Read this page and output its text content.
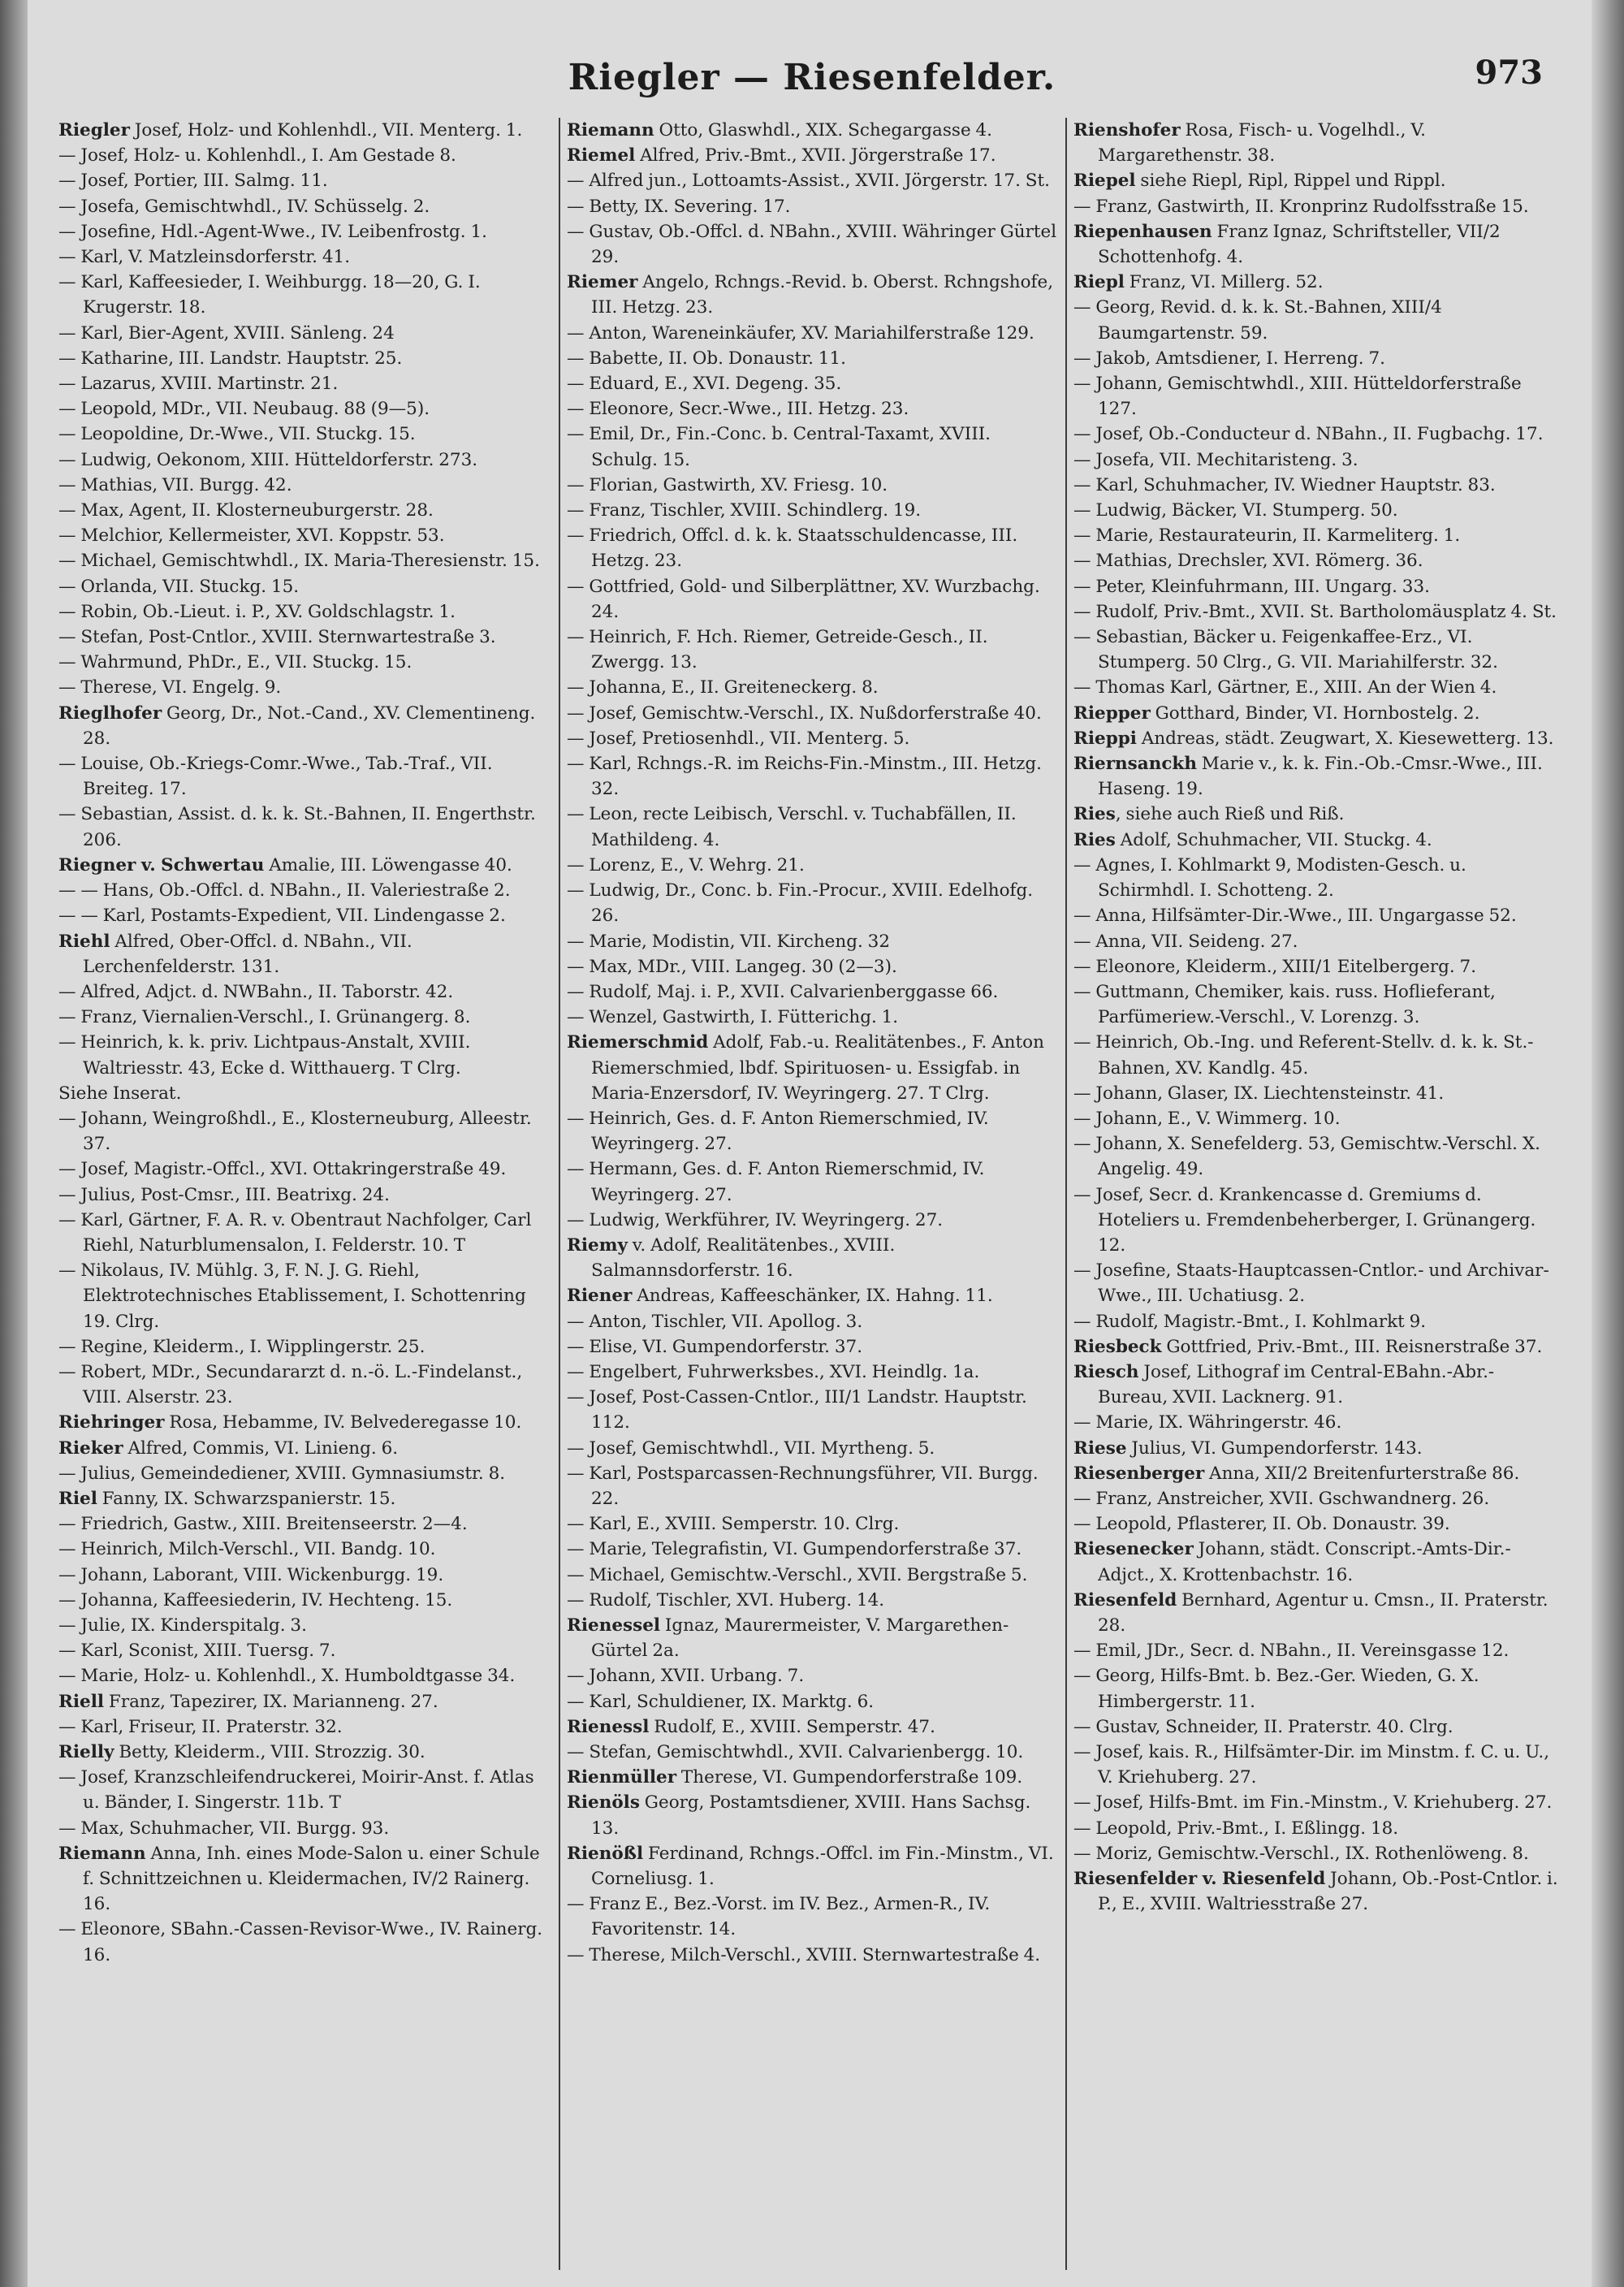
Riegler — Riesenfelder.	973
Riegler Josef, Holz- und Kohlenhdl., VII. Menterg. 1.
— Josef, Holz- u. Kohlenhdl., I. Am Gestade 8.
— Josef, Portier, III. Salmg. 11.
— Josefa, Gemischtwhdl., IV. Schüsselg. 2.
— Josefine, Hdl.-Agent-Wwe., IV. Leibenfrostg. 1.
— Karl, V. Matzleinsdorferstr. 41.
— Karl, Kaffeesieder, I. Weihburgg. 18—20, G. I. Krugerstr. 18.
— Karl, Bier-Agent, XVIII. Sänleng. 24
— Katharine, III. Landstr. Hauptstr. 25.
— Lazarus, XVIII. Martinstr. 21.
— Leopold, MDr., VII. Neubaug. 88 (9—5).
— Leopoldine, Dr.-Wwe., VII. Stuckg. 15.
— Ludwig, Oekonom, XIII. Hütteldorferstr. 273.
— Mathias, VII. Burgg. 42.
— Max, Agent, II. Klosterneuburgerstr. 28.
— Melchior, Kellermeister, XVI. Koppstr. 53.
— Michael, Gemischtwhdl., IX. Maria-Theresienstr. 15.
— Orlanda, VII. Stuckg. 15.
— Robin, Ob.-Lieut. i. P., XV. Goldschlagstr. 1.
— Stefan, Post-Cntlor., XVIII. Sternwartestraße 3.
— Wahrmund, PhDr., E., VII. Stuckg. 15.
— Therese, VI. Engelg. 9.
Rieglhofer Georg, Dr., Not.-Cand., XV. Clementineng. 28.
— Louise, Ob.-Kriegs-Comr.-Wwe., Tab.-Traf., VII. Breiteg. 17.
— Sebastian, Assist. d. k. k. St.-Bahnen, II. Engerthstr. 206.
Riegner v. Schwertau Amalie, III. Löwengasse 40.
— — Hans, Ob.-Offcl. d. NBahn., II. Valeriestraße 2.
— — Karl, Postamts-Expedient, VII. Lindengasse 2.
Riehl Alfred, Ober-Offcl. d. NBahn., VII. Lerchenfelderstr. 131.
— Alfred, Adjct. d. NWBahn., II. Taborstr. 42.
— Franz, Viernalien-Verschl., I. Grünangerg. 8.
— Heinrich, k. k. priv. Lichtpaus-Anstalt, XVIII. Waltriesstr. 43, Ecke d. Witthauerg. T Clrg.
Siehe Inserat.
— Johann, Weingroßhdl., E., Klosterneuburg, Alleestr. 37.
— Josef, Magistr.-Offcl., XVI. Ottakringerstraße 49.
— Julius, Post-Cmsr., III. Beatrixg. 24.
— Karl, Gärtner, F. A. R. v. Obentraut Nachfolger, Carl Riehl, Naturblumensalon, I. Felderstr. 10. T
— Nikolaus, IV. Mühlg. 3, F. N. J. G. Riehl, Elektrotechnisches Etablissement, I. Schottenring 19. Clrg.
— Regine, Kleiderm., I. Wipplingerstr. 25.
— Robert, MDr., Secundararzt d. n.-ö. L.-Findelanst., VIII. Alserstr. 23.
Riehringer Rosa, Hebamme, IV. Belvederegasse 10.
Rieker Alfred, Commis, VI. Linieng. 6.
— Julius, Gemeindediener, XVIII. Gymnasiumstr. 8.
Riel Fanny, IX. Schwarzspanierstr. 15.
— Friedrich, Gastw., XIII. Breitenseerstr. 2—4.
— Heinrich, Milch-Verschl., VII. Bandg. 10.
— Johann, Laborant, VIII. Wickenburgg. 19.
— Johanna, Kaffeesiederin, IV. Hechteng. 15.
— Julie, IX. Kinderspitalg. 3.
— Karl, Sconist, XIII. Tuersg. 7.
— Marie, Holz- u. Kohlenhdl., X. Humboldtgasse 34.
Riell Franz, Tapezirer, IX. Marianneng. 27.
— Karl, Friseur, II. Praterstr. 32.
Rielly Betty, Kleiderm., VIII. Strozzig. 30.
— Josef, Kranzschleifendruckerei, Moirir-Anst. f. Atlas u. Bänder, I. Singerstr. 11b. T
— Max, Schuhmacher, VII. Burgg. 93.
Riemann Anna, Inh. eines Mode-Salon u. einer Schule f. Schnittzeichnen u. Kleidermachen, IV/2 Rainerg. 16.
— Eleonore, SBahn.-Cassen-Revisor-Wwe., IV. Rainerg. 16.
Riemann Otto, Glaswhdl., XIX. Schegargasse 4.
Riemel Alfred, Priv.-Bmt., XVII. Jörgerstraße 17.
— Alfred jun., Lottoamts-Assist., XVII. Jörgerstr. 17. St.
— Betty, IX. Severing. 17.
— Gustav, Ob.-Offcl. d. NBahn., XVIII. Währinger Gürtel 29.
Riemer Angelo, Rchngs.-Revid. b. Oberst. Rchngshofe, III. Hetzg. 23.
— Anton, Wareneinkäufer, XV. Mariahilferstraße 129.
— Babette, II. Ob. Donaustr. 11.
— Eduard, E., XVI. Degeng. 35.
— Eleonore, Secr.-Wwe., III. Hetzg. 23.
— Emil, Dr., Fin.-Conc. b. Central-Taxamt, XVIII. Schulg. 15.
— Florian, Gastwirth, XV. Friesg. 10.
— Franz, Tischler, XVIII. Schindlerg. 19.
— Friedrich, Offcl. d. k. k. Staatsschuldencasse, III. Hetzg. 23.
— Gottfried, Gold- und Silberplättner, XV. Wurzbachg. 24.
— Heinrich, F. Hch. Riemer, Getreide-Gesch., II. Zwergg. 13.
— Johanna, E., II. Greiteneckerg. 8.
— Josef, Gemischtw.-Verschl., IX. Nußdorferstraße 40.
— Josef, Pretiosenhdl., VII. Menterg. 5.
— Karl, Rchngs.-R. im Reichs-Fin.-Minstm., III. Hetzg. 32.
— Leon, recte Leibisch, Verschl. v. Tuchabfällen, II. Mathildeng. 4.
— Lorenz, E., V. Wehrg. 21.
— Ludwig, Dr., Conc. b. Fin.-Procur., XVIII. Edelhofg. 26.
— Marie, Modistin, VII. Kircheng. 32
— Max, MDr., VIII. Langeg. 30 (2—3).
— Rudolf, Maj. i. P., XVII. Calvarienberggasse 66.
— Wenzel, Gastwirth, I. Fütterichg. 1.
Riemerschmid Adolf, Fab.-u. Realitätenbes., F. Anton Riemerschmied, lbdf. Spirituosen- u. Essigfab. in Maria-Enzersdorf, IV. Weyringerg. 27. T Clrg.
— Heinrich, Ges. d. F. Anton Riemerschmied, IV. Weyringerg. 27.
— Hermann, Ges. d. F. Anton Riemerschmid, IV. Weyringerg. 27.
— Ludwig, Werkführer, IV. Weyringerg. 27.
Riemy v. Adolf, Realitätenbes., XVIII. Salmannsdorferstr. 16.
Riener Andreas, Kaffeeschänker, IX. Hahng. 11.
— Anton, Tischler, VII. Apollog. 3.
— Elise, VI. Gumpendorferstr. 37.
— Engelbert, Fuhrwerksbes., XVI. Heindlg. 1a.
— Josef, Post-Cassen-Cntlor., III/1 Landstr. Hauptstr. 112.
— Josef, Gemischtwhdl., VII. Myrtheng. 5.
— Karl, Postsparcassen-Rechnungsführer, VII. Burgg. 22.
— Karl, E., XVIII. Semperstr. 10. Clrg.
— Marie, Telegrafistin, VI. Gumpendorferstraße 37.
— Michael, Gemischtw.-Verschl., XVII. Bergstraße 5.
— Rudolf, Tischler, XVI. Huberg. 14.
Rienessel Ignaz, Maurermeister, V. Margarethen-Gürtel 2a.
— Johann, XVII. Urbang. 7.
— Karl, Schuldiener, IX. Marktg. 6.
Rienessl Rudolf, E., XVIII. Semperstr. 47.
— Stefan, Gemischtwhdl., XVII. Calvarienbergg. 10.
Rienmüller Therese, VI. Gumpendorferstraße 109.
Rienöls Georg, Postamtsdiener, XVIII. Hans Sachsg. 13.
Rienößl Ferdinand, Rchngs.-Offcl. im Fin.-Minstm., VI. Corneliusg. 1.
— Franz E., Bez.-Vorst. im IV. Bez., Armen-R., IV. Favoritenstr. 14.
— Therese, Milch-Verschl., XVIII. Sternwartestraße 4.
Rienshofer Rosa, Fisch- u. Vogelhdl., V. Margarethenstr. 38.
Riepel siehe Riepl, Ripl, Rippel und Rippl.
— Franz, Gastwirth, II. Kronprinz Rudolfsstraße 15.
Riepenhausen Franz Ignaz, Schriftsteller, VII/2 Schottenhofg. 4.
Riepl Franz, VI. Millerg. 52.
— Georg, Revid. d. k. k. St.-Bahnen, XIII/4 Baumgartenstr. 59.
— Jakob, Amtsdiener, I. Herreng. 7.
— Johann, Gemischtwhdl., XIII. Hütteldorferstraße 127.
— Josef, Ob.-Conducteur d. NBahn., II. Fugbachg. 17.
— Josefa, VII. Mechitaristeng. 3.
— Karl, Schuhmacher, IV. Wiedner Hauptstr. 83.
— Ludwig, Bäcker, VI. Stumperg. 50.
— Marie, Restaurateurin, II. Karmeliterg. 1.
— Mathias, Drechsler, XVI. Römerg. 36.
— Peter, Kleinfuhrmann, III. Ungarg. 33.
— Rudolf, Priv.-Bmt., XVII. St. Bartholomäusplatz 4. St.
— Sebastian, Bäcker u. Feigenkaffee-Erz., VI. Stumperg. 50 Clrg., G. VII. Mariahilferstr. 32.
— Thomas Karl, Gärtner, E., XIII. An der Wien 4.
Riepper Gotthard, Binder, VI. Hornbostelg. 2.
Rieppi Andreas, städt. Zeugwart, X. Kiesewetterg. 13.
Riernsanckh Marie v., k. k. Fin.-Ob.-Cmsr.-Wwe., III. Haseng. 19.
Ries, siehe auch Rieß und Riß.
Ries Adolf, Schuhmacher, VII. Stuckg. 4.
— Agnes, I. Kohlmarkt 9, Modisten-Gesch. u. Schirmhdl. I. Schotteng. 2.
— Anna, Hilfsämter-Dir.-Wwe., III. Ungargasse 52.
— Anna, VII. Seideng. 27.
— Eleonore, Kleiderm., XIII/1 Eitelbergerg. 7.
— Guttmann, Chemiker, kais. russ. Hoflieferant, Parfümeriew.-Verschl., V. Lorenzg. 3.
— Heinrich, Ob.-Ing. und Referent-Stellv. d. k. k. St.-Bahnen, XV. Kandlg. 45.
— Johann, Glaser, IX. Liechtensteinstr. 41.
— Johann, E., V. Wimmerg. 10.
— Johann, X. Senefelderg. 53, Gemischtw.-Verschl. X. Angelig. 49.
— Josef, Secr. d. Krankencasse d. Gremiums d. Hoteliers u. Fremdenbeherberger, I. Grünangerg. 12.
— Josefine, Staats-Hauptcassen-Cntlor.- und Archivar-Wwe., III. Uchatiusg. 2.
— Rudolf, Magistr.-Bmt., I. Kohlmarkt 9.
Riesbeck Gottfried, Priv.-Bmt., III. Reisnerstraße 37.
Riesch Josef, Lithograf im Central-EBahn.-Abr.-Bureau, XVII. Lacknerg. 91.
— Marie, IX. Währingerstr. 46.
Riese Julius, VI. Gumpendorferstr. 143.
Riesenberger Anna, XII/2 Breitenfurterstraße 86.
— Franz, Anstreicher, XVII. Gschwandnerg. 26.
— Leopold, Pflasterer, II. Ob. Donaustr. 39.
Riesenecker Johann, städt. Conscript.-Amts-Dir.-Adjct., X. Krottenbachstr. 16.
Riesenfeld Bernhard, Agentur u. Cmsn., II. Praterstr. 28.
— Emil, JDr., Secr. d. NBahn., II. Vereinsgasse 12.
— Georg, Hilfs-Bmt. b. Bez.-Ger. Wieden, G. X. Himbergerstr. 11.
— Gustav, Schneider, II. Praterstr. 40. Clrg.
— Josef, kais. R., Hilfsämter-Dir. im Minstm. f. C. u. U., V. Kriehuberg. 27.
— Josef, Hilfs-Bmt. im Fin.-Minstm., V. Kriehuberg. 27.
— Leopold, Priv.-Bmt., I. Eßlingg. 18.
— Moriz, Gemischtw.-Verschl., IX. Rothenlöweng. 8.
Riesenfelder v. Riesenfeld Johann, Ob.-Post-Cntlor. i. P., E., XVIII. Waltriesstraße 27.
